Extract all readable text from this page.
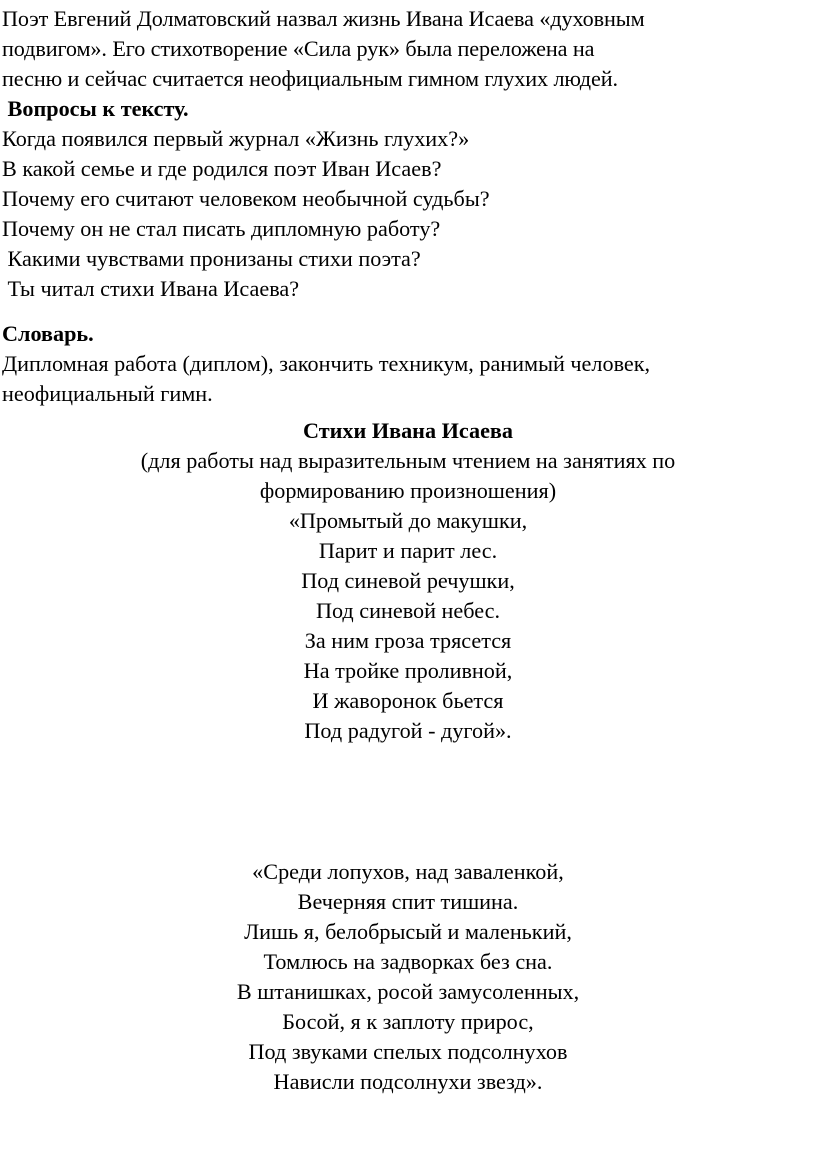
Поэт Евгений Долматовский назвал жизнь Ивана Исаева «духовным
подвигом». Его стихотворение «Сила рук» была переложена на
песню и сейчас считается неофициальным гимном глухих людей.
Вопросы к тексту.
Когда появился первый журнал «Жизнь глухих?»
В какой семье и где родился поэт Иван Исаев?
Почему его считают человеком необычной судьбы?
Почему он не стал писать дипломную работу?
Какими чувствами пронизаны стихи поэта?
Ты читал стихи Ивана Исаева?
Словарь.
Дипломная работа (диплом), закончить техникум, ранимый человек,
неофициальный гимн.
Стихи Ивана Исаева
(для работы над выразительным чтением на занятиях по
формированию произношения)
«Промытый до макушки,
Парит и парит лес.
Под синевой речушки,
Под синевой небес.
За ним гроза трясется
На тройке проливной,
И жаворонок бьется
Под радугой - дугой».
«Среди лопухов, над заваленкой,
Вечерняя спит тишина.
Лишь я, белобрысый и маленький,
Томлюсь на задворках без сна.
В штанишках, росой замусоленных,
Босой, я к заплоту прирос,
Под звуками спелых подсолнухов
Нависли подсолнухи звезд».
